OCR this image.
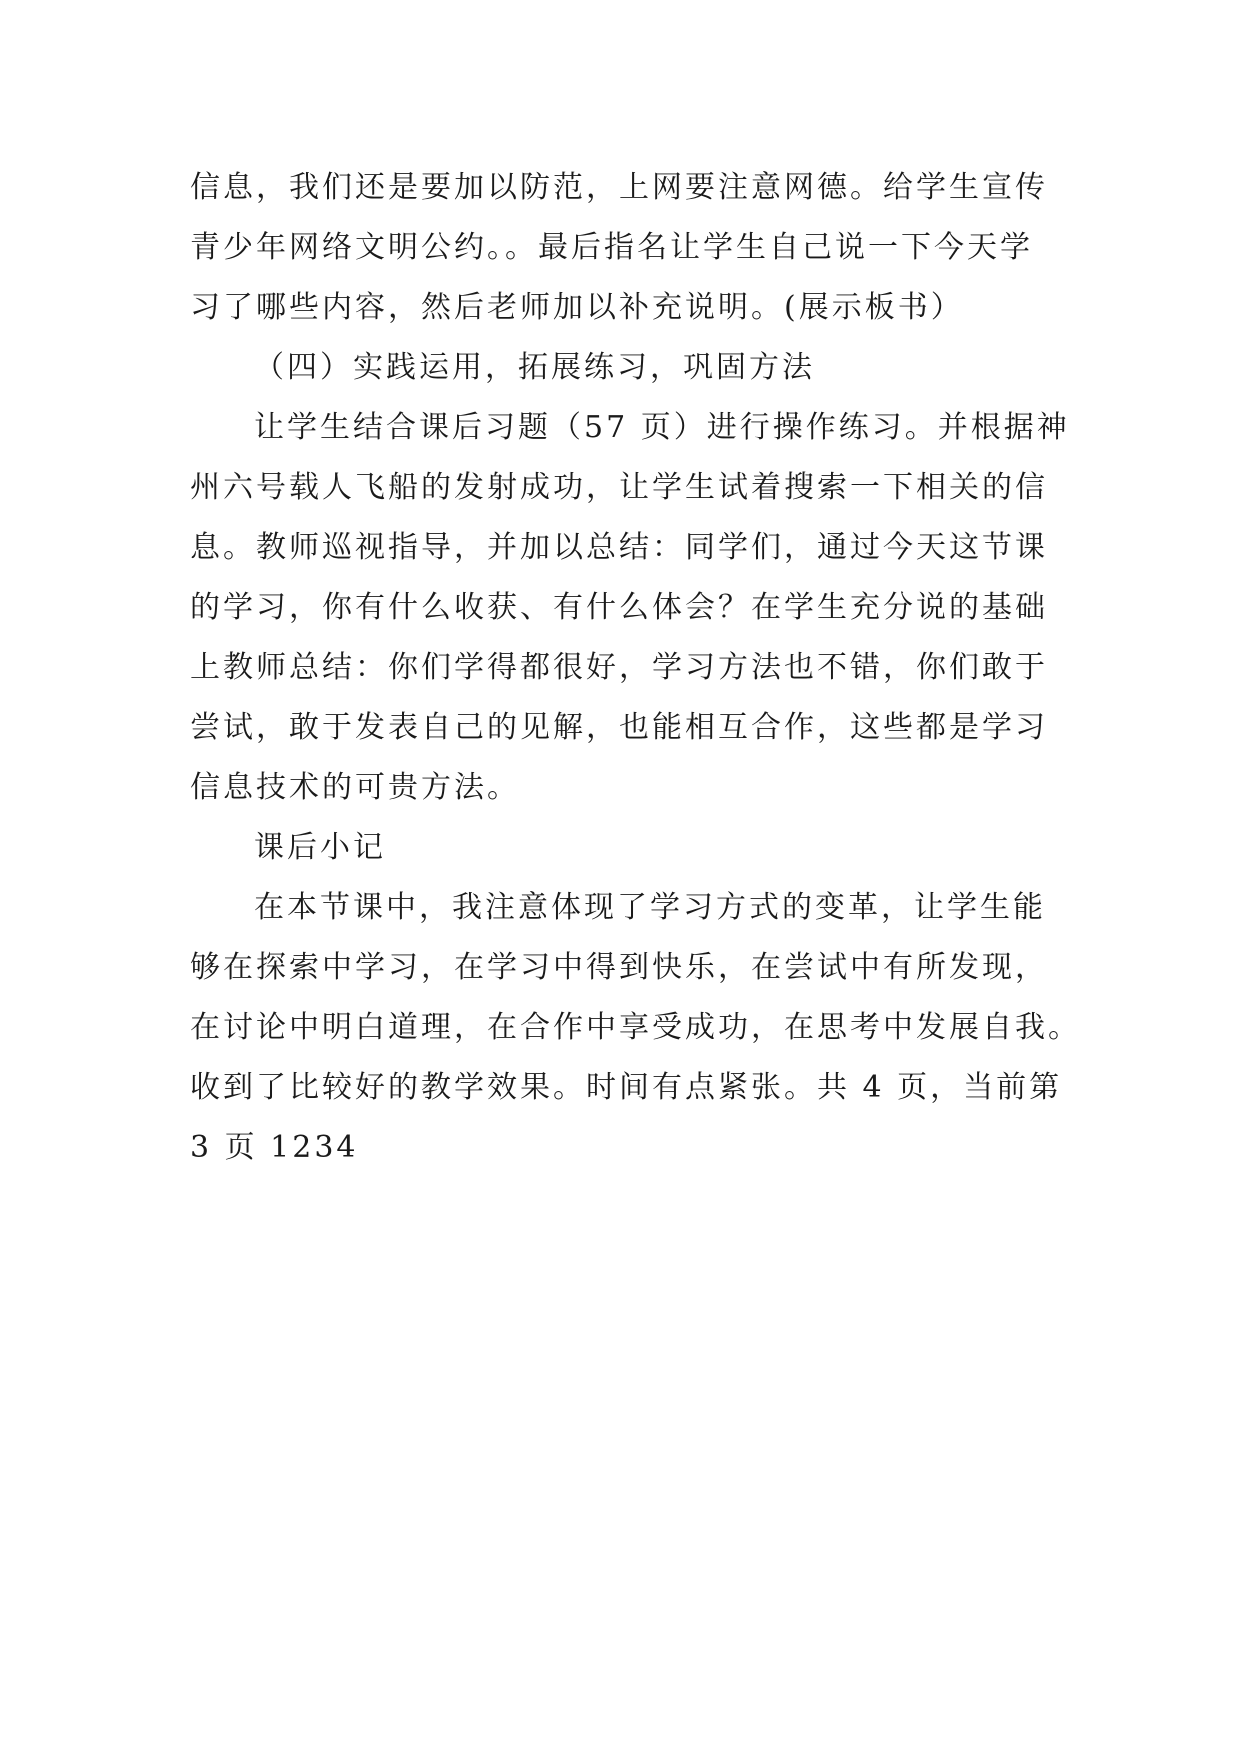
信息，我们还是要加以防范，上网要注意网德。给学生宣传
青少年网络文明公约。。最后指名让学生自己说一下今天学
习了哪些内容，然后老师加以补充说明。(展示板书）
（四）实践运用，拓展练习，巩固方法
让学生结合课后习题（57 页）进行操作练习。并根据神
州六号载人飞船的发射成功，让学生试着搜索一下相关的信
息。教师巡视指导，并加以总结：同学们，通过今天这节课
的学习，你有什么收获、有什么体会？在学生充分说的基础
上教师总结：你们学得都很好，学习方法也不错，你们敢于
尝试，敢于发表自己的见解，也能相互合作，这些都是学习
信息技术的可贵方法。
课后小记
在本节课中，我注意体现了学习方式的变革，让学生能
够在探索中学习，在学习中得到快乐，在尝试中有所发现，
在讨论中明白道理，在合作中享受成功，在思考中发展自我。
收到了比较好的教学效果。时间有点紧张。共 4 页，当前第
3 页 1234
